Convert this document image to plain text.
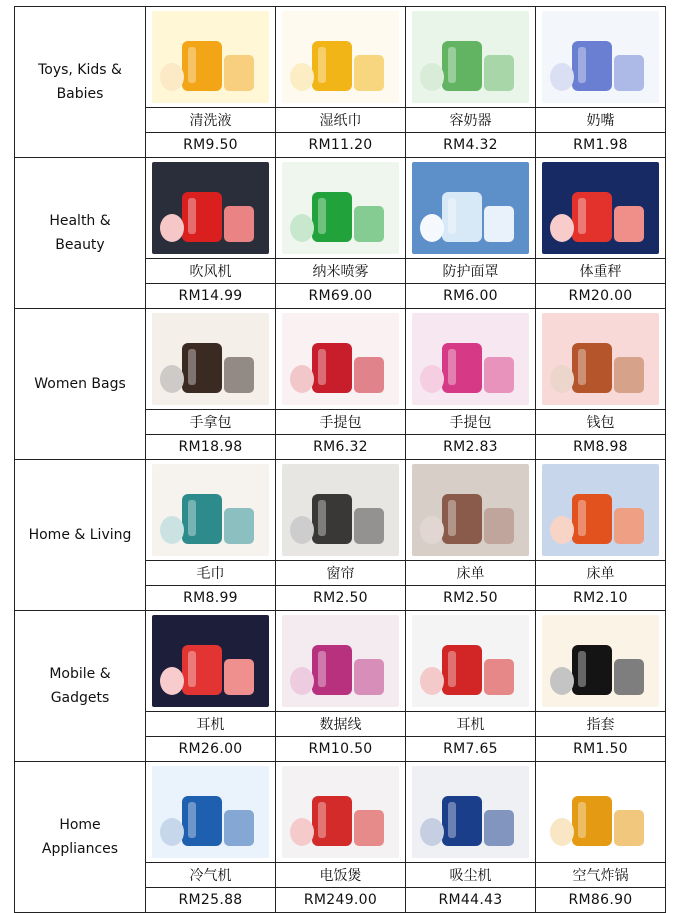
Toys, Kids & Babies	

	清洗液	湿纸巾	容奶器	奶嘴
	RM9.50	RM11.20	RM4.32	RM1.98
Health & Beauty	

	吹风机	纳米喷雾	防护面罩	体重秤
	RM14.99	RM69.00	RM6.00	RM20.00
Women Bags	

	手拿包	手提包	手提包	钱包
	RM18.98	RM6.32	RM2.83	RM8.98
Home & Living	

	毛巾	窗帘	床单	床单
	RM8.99	RM2.50	RM2.50	RM2.10
Mobile & Gadgets	

	耳机	数据线	耳机	指套
	RM26.00	RM10.50	RM7.65	RM1.50
Home Appliances	

	冷气机	电饭煲	吸尘机	空气炸锅
	RM25.88	RM249.00	RM44.43	RM86.90
